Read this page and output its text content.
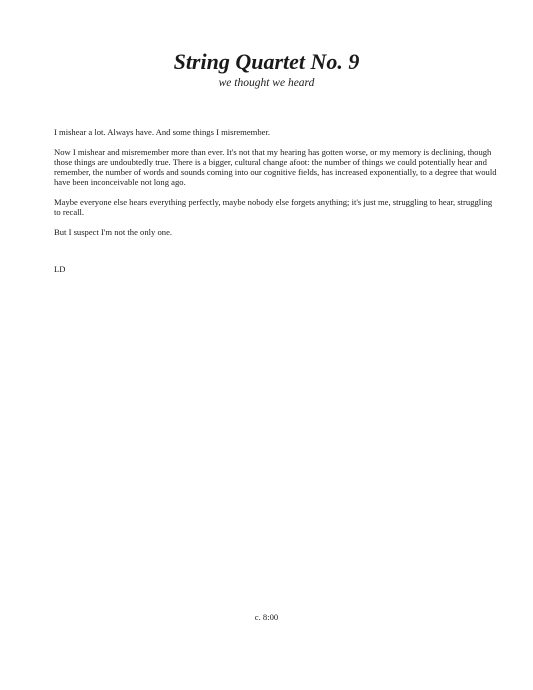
String Quartet No. 9
we thought we heard

I mishear a lot. Always have. And some things I misremember.

Now I mishear and misremember more than ever. It's not that my hearing has gotten worse, or my memory is declining, though those things are undoubtedly true. There is a bigger, cultural change afoot: the number of things we could potentially hear and remember, the number of words and sounds coming into our cognitive fields, has increased exponentially, to a degree that would have been inconceivable not long ago.

Maybe everyone else hears everything perfectly, maybe nobody else forgets anything; it's just me, struggling to hear, struggling to recall.

But I suspect I'm not the only one.

LD
c. 8:00
